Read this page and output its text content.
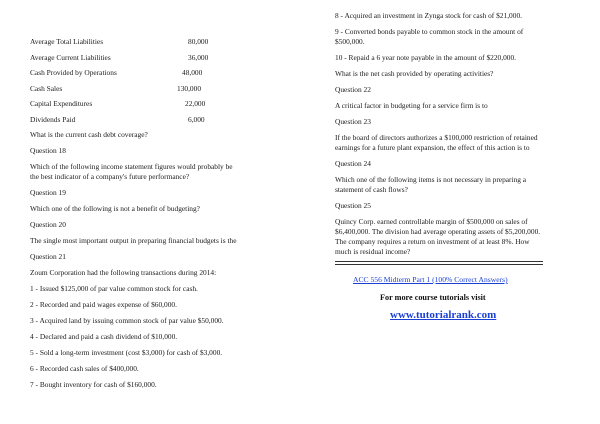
Average Total Liabilities	80,000
Average Current Liabilities	36,000
Cash Provided by Operations	48,000
Cash Sales	130,000
Capital Expenditures	22,000
Dividends Paid	6,000
What is the current cash debt coverage?
Question 18
Which of the following income statement figures would probably be
the best indicator of a company's future performance?
Question 19
Which one of the following is not a benefit of budgeting?
Question 20
The single most important output in preparing financial budgets is the
Question 21
Zoum Corporation had the following transactions during 2014:
1 - Issued $125,000 of par value common stock for cash.
2 - Recorded and paid wages expense of $60,000.
3 - Acquired land by issuing common stock of par value $50,000.
4 - Declared and paid a cash dividend of $10,000.
5 - Sold a long-term investment (cost $3,000) for cash of $3,000.
6 - Recorded cash sales of $400,000.
7 - Bought inventory for cash of $160,000.
8 - Acquired an investment in Zynga stock for cash of $21,000.
9 - Converted bonds payable to common stock in the amount of
$500,000.
10 - Repaid a 6 year note payable in the amount of $220,000.
What is the net cash provided by operating activities?
Question 22
A critical factor in budgeting for a service firm is to
Question 23
If the board of directors authorizes a $100,000 restriction of retained
earnings for a future plant expansion, the effect of this action is to
Question 24
Which one of the following items is not necessary in preparing a
statement of cash flows?
Question 25
Quincy Corp. earned controllable margin of $500,000 on sales of
$6,400,000. The division had average operating assets of $5,200,000.
The company requires a return on investment of at least 8%. How
much is residual income?
ACC 556 Midterm Part 1 (100% Correct Answers)
For more course tutorials visit
www.tutorialrank.com
